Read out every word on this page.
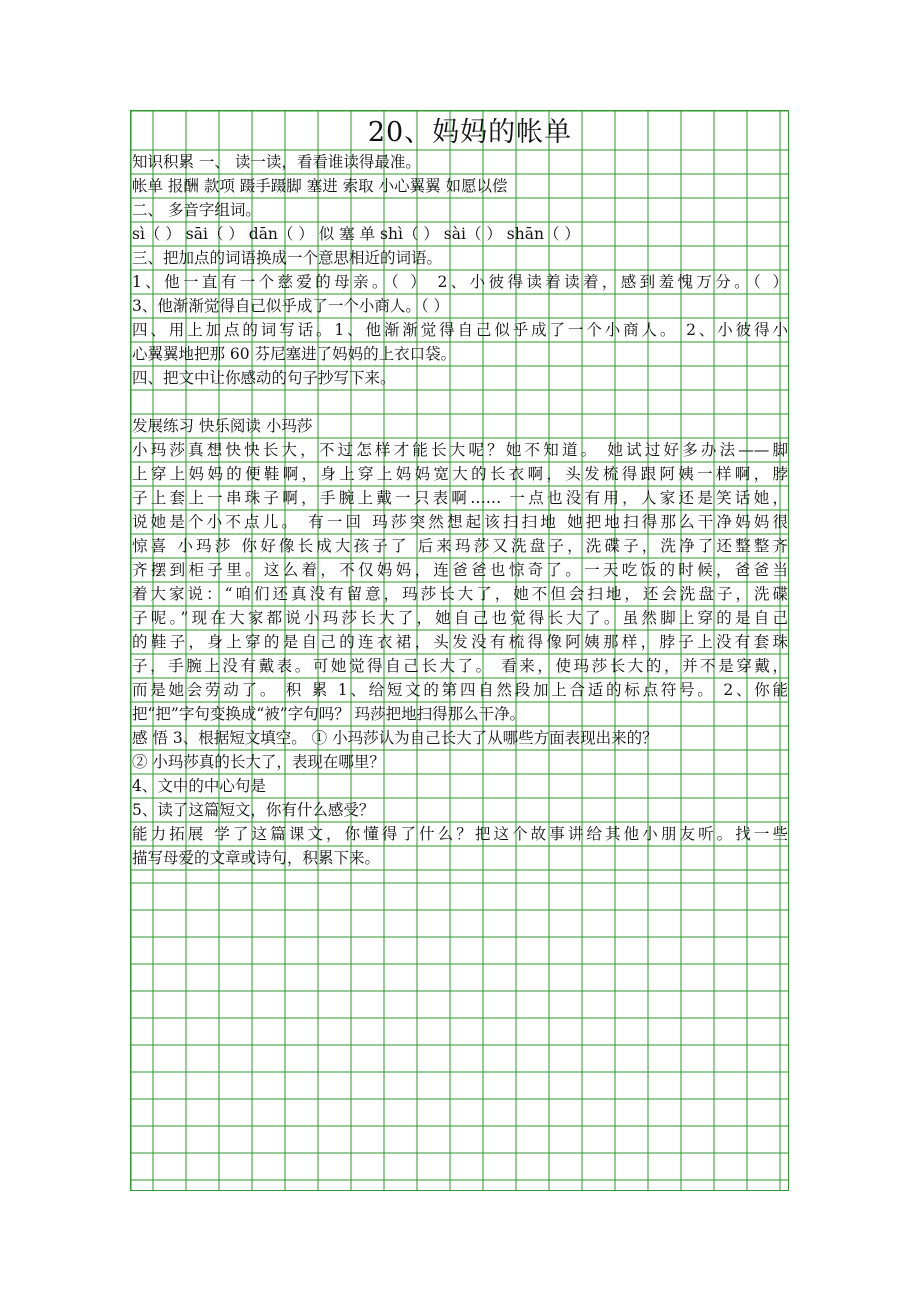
20、妈妈的帐单
知识积累 一、 读一读，看看谁读得最准。
帐单 报酬 款项 蹑手蹑脚 塞进 索取 小心翼翼 如愿以偿
二、 多音字组词。
sì（ ） sāi（ ） dān（ ） 似 塞 单 shì（ ） sài（ ） shān（ ）
三、把加点的词语换成一个意思相近的词语。
1、他一直有一个慈爱的母亲。（ ） 2、小彼得读着读着，感到羞愧万分。（ ）
3、他渐渐觉得自己似乎成了一个小商人。（ ）
四、用上加点的词写话。1、他渐渐觉得自己似乎成了一个小商人。 2、小彼得小
心翼翼地把那 60 芬尼塞进了妈妈的上衣口袋。
四、把文中让你感动的句子抄写下来。
发展练习 快乐阅读 小玛莎
小玛莎真想快快长大，不过怎样才能长大呢？她不知道。 她试过好多办法——脚
上穿上妈妈的便鞋啊，身上穿上妈妈宽大的长衣啊，头发梳得跟阿姨一样啊，脖
子上套上一串珠子啊，手腕上戴一只表啊…… 一点也没有用，人家还是笑话她，
说她是个小不点儿。 有一回 玛莎突然想起该扫扫地 她把地扫得那么干净妈妈很
惊喜 小玛莎 你好像长成大孩子了 后来玛莎又洗盘子，洗碟子，洗净了还整整齐
齐摆到柜子里。这么着，不仅妈妈，连爸爸也惊奇了。一天吃饭的时候，爸爸当
着大家说：“咱们还真没有留意，玛莎长大了，她不但会扫地，还会洗盘子，洗碟
子呢。”现在大家都说小玛莎长大了，她自己也觉得长大了。虽然脚上穿的是自己
的鞋子，身上穿的是自己的连衣裙，头发没有梳得像阿姨那样，脖子上没有套珠
子，手腕上没有戴表。可她觉得自己长大了。 看来，使玛莎长大的，并不是穿戴，
而是她会劳动了。 积 累 1、给短文的第四自然段加上合适的标点符号。 2、你能
把“把”字句变换成“被”字句吗？ 玛莎把地扫得那么干净。
感 悟 3、根据短文填空。 ① 小玛莎认为自己长大了从哪些方面表现出来的？
② 小玛莎真的长大了，表现在哪里？
4、文中的中心句是
5、读了这篇短文，你有什么感受？
能力拓展 学了这篇课文，你懂得了什么？把这个故事讲给其他小朋友听。找一些
描写母爱的文章或诗句，积累下来。
